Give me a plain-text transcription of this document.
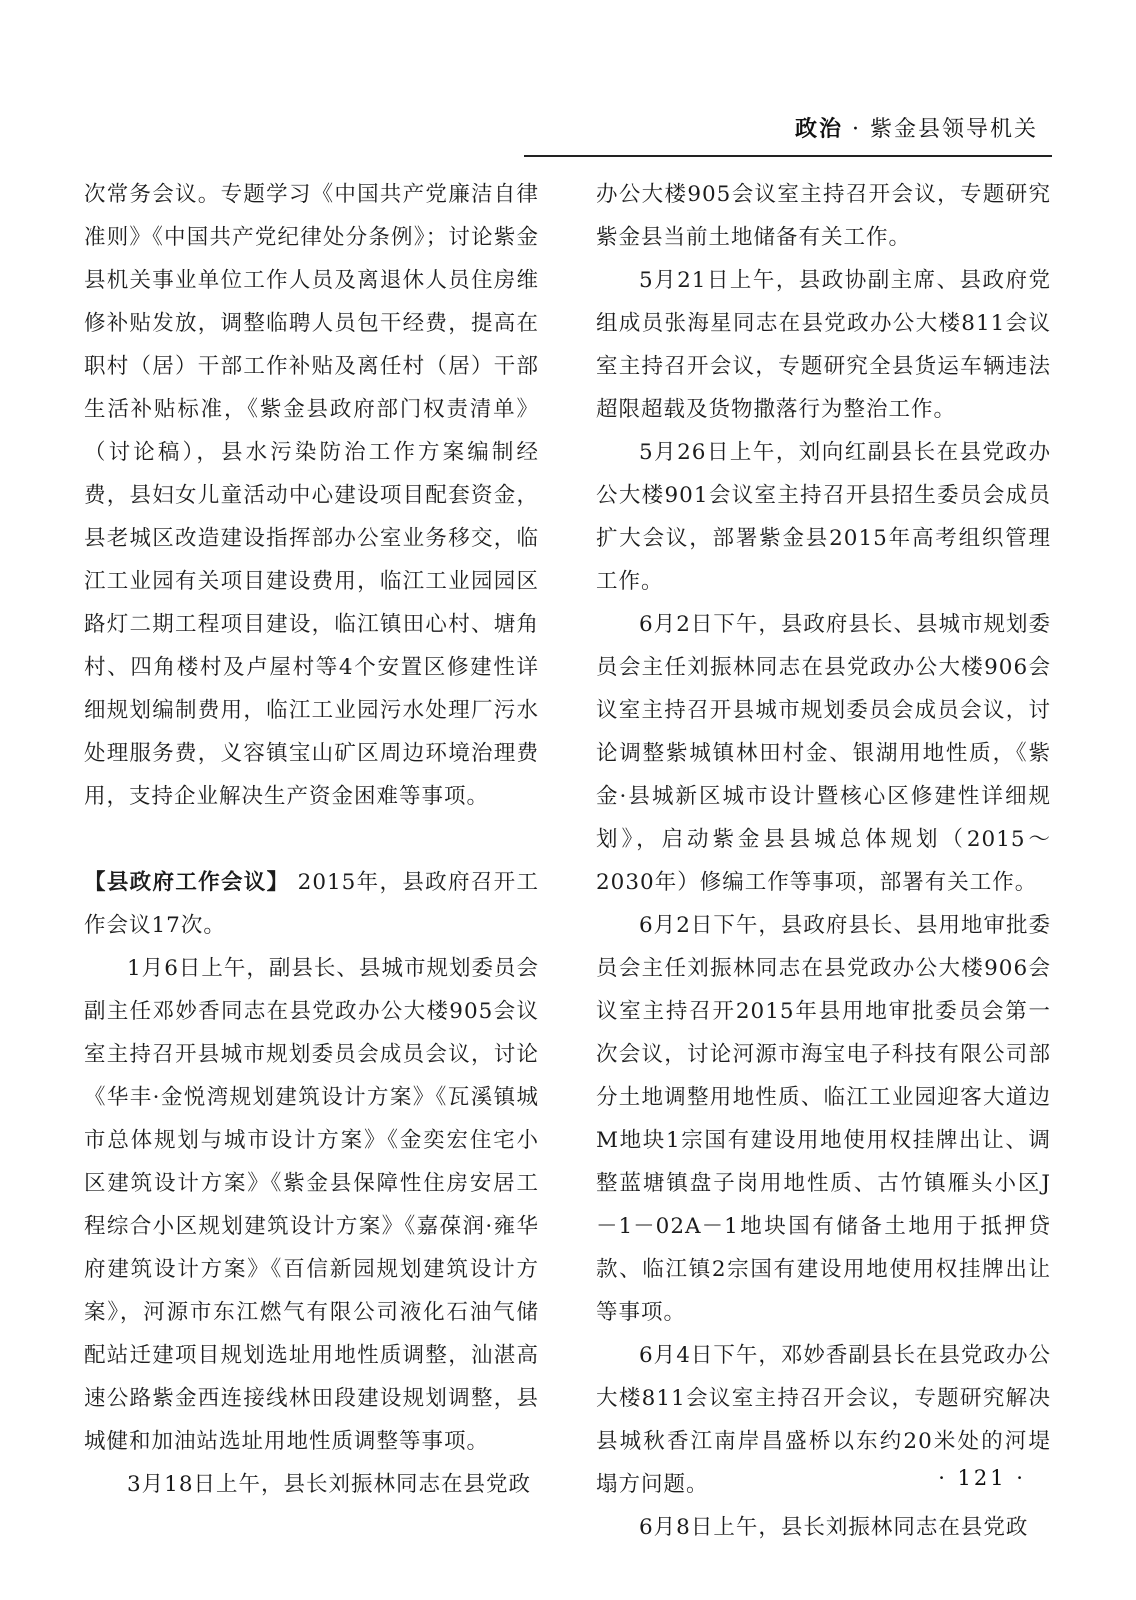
政治 · 紫金县领导机关

次常务会议。专题学习《中国共产党廉洁自律准则》《中国共产党纪律处分条例》；讨论紫金县机关事业单位工作人员及离退休人员住房维修补贴发放，调整临聘人员包干经费，提高在职村（居）干部工作补贴及离任村（居）干部生活补贴标准，《紫金县政府部门权责清单》（讨论稿），县水污染防治工作方案编制经费，县妇女儿童活动中心建设项目配套资金，县老城区改造建设指挥部办公室业务移交，临江工业园有关项目建设费用，临江工业园园区路灯二期工程项目建设，临江镇田心村、塘角村、四角楼村及卢屋村等4个安置区修建性详细规划编制费用，临江工业园污水处理厂污水处理服务费，义容镇宝山矿区周边环境治理费用，支持企业解决生产资金困难等事项。

【县政府工作会议】 2015年，县政府召开工作会议17次。

1月6日上午，副县长、县城市规划委员会副主任邓妙香同志在县党政办公大楼905会议室主持召开县城市规划委员会成员会议，讨论《华丰·金悦湾规划建筑设计方案》《瓦溪镇城市总体规划与城市设计方案》《金奕宏住宅小区建筑设计方案》《紫金县保障性住房安居工程综合小区规划建筑设计方案》《嘉葆润·雍华府建筑设计方案》《百信新园规划建筑设计方案》，河源市东江燃气有限公司液化石油气储配站迁建项目规划选址用地性质调整，汕湛高速公路紫金西连接线林田段建设规划调整，县城健和加油站选址用地性质调整等事项。

3月18日上午，县长刘振林同志在县党政

办公大楼905会议室主持召开会议，专题研究紫金县当前土地储备有关工作。

5月21日上午，县政协副主席、县政府党组成员张海星同志在县党政办公大楼811会议室主持召开会议，专题研究全县货运车辆违法超限超载及货物撒落行为整治工作。

5月26日上午，刘向红副县长在县党政办公大楼901会议室主持召开县招生委员会成员扩大会议，部署紫金县2015年高考组织管理工作。

6月2日下午，县政府县长、县城市规划委员会主任刘振林同志在县党政办公大楼906会议室主持召开县城市规划委员会成员会议，讨论调整紫城镇林田村金、银湖用地性质，《紫金·县城新区城市设计暨核心区修建性详细规划》，启动紫金县县城总体规划（2015～2030年）修编工作等事项，部署有关工作。

6月2日下午，县政府县长、县用地审批委员会主任刘振林同志在县党政办公大楼906会议室主持召开2015年县用地审批委员会第一次会议，讨论河源市海宝电子科技有限公司部分土地调整用地性质、临江工业园迎客大道边M地块1宗国有建设用地使用权挂牌出让、调整蓝塘镇盘子岗用地性质、古竹镇雁头小区J－1－02A－1地块国有储备土地用于抵押贷款、临江镇2宗国有建设用地使用权挂牌出让等事项。

6月4日下午，邓妙香副县长在县党政办公大楼811会议室主持召开会议，专题研究解决县城秋香江南岸昌盛桥以东约20米处的河堤塌方问题。

6月8日上午，县长刘振林同志在县党政

· 121 ·
